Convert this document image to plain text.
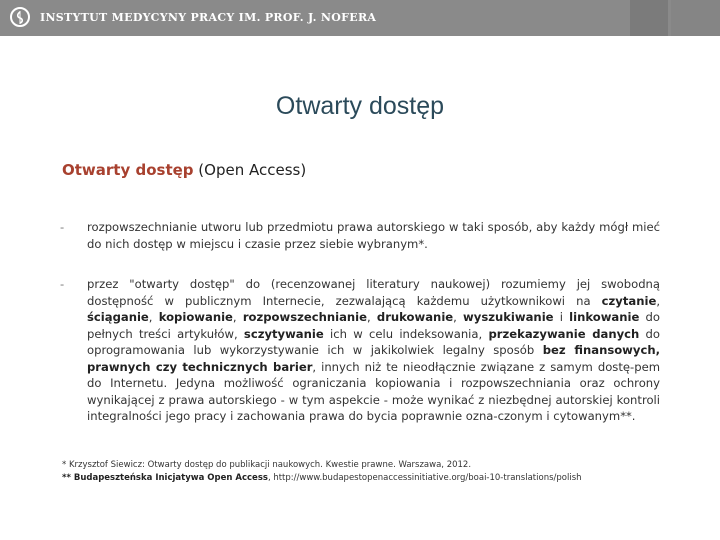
INSTYTUT MEDYCYNY PRACY IM. PROF. J. NOFERA
Otwarty dostęp
Otwarty dostęp (Open Access)
- rozpowszechnianie utworu lub przedmiotu prawa autorskiego w taki sposób, aby każdy mógł mieć do nich dostęp w miejscu i czasie przez siebie wybranym*.
- przez "otwarty dostęp" do (recenzowanej literatury naukowej) rozumiemy jej swobodną dostępność w publicznym Internecie, zezwalającą każdemu użytkownikowi na czytanie, ściąganie, kopiowanie, rozpowszechnianie, drukowanie, wyszukiwanie i linkowanie do pełnych treści artykułów, sczytywanie ich w celu indeksowania, przekazywanie danych do oprogramowania lub wykorzystywanie ich w jakikolwiek legalny sposób bez finansowych, prawnych czy technicznych barier, innych niż te nieodłącznie związane z samym dostę-pem do Internetu. Jedyna możliwość ograniczania kopiowania i rozpowszechniania oraz ochrony wynikającej z prawa autorskiego - w tym aspekcie - może wynikać z niezbędnej autorskiej kontroli integralności jego pracy i zachowania prawa do bycia poprawnie ozna-czonym i cytowanym**.
* Krzysztof Siewicz: Otwarty dostęp do publikacji naukowych. Kwestie prawne. Warszawa, 2012.
** Budapeszteńska Inicjatywa Open Access, http://www.budapestopenaccessinitiative.org/boai-10-translations/polish
